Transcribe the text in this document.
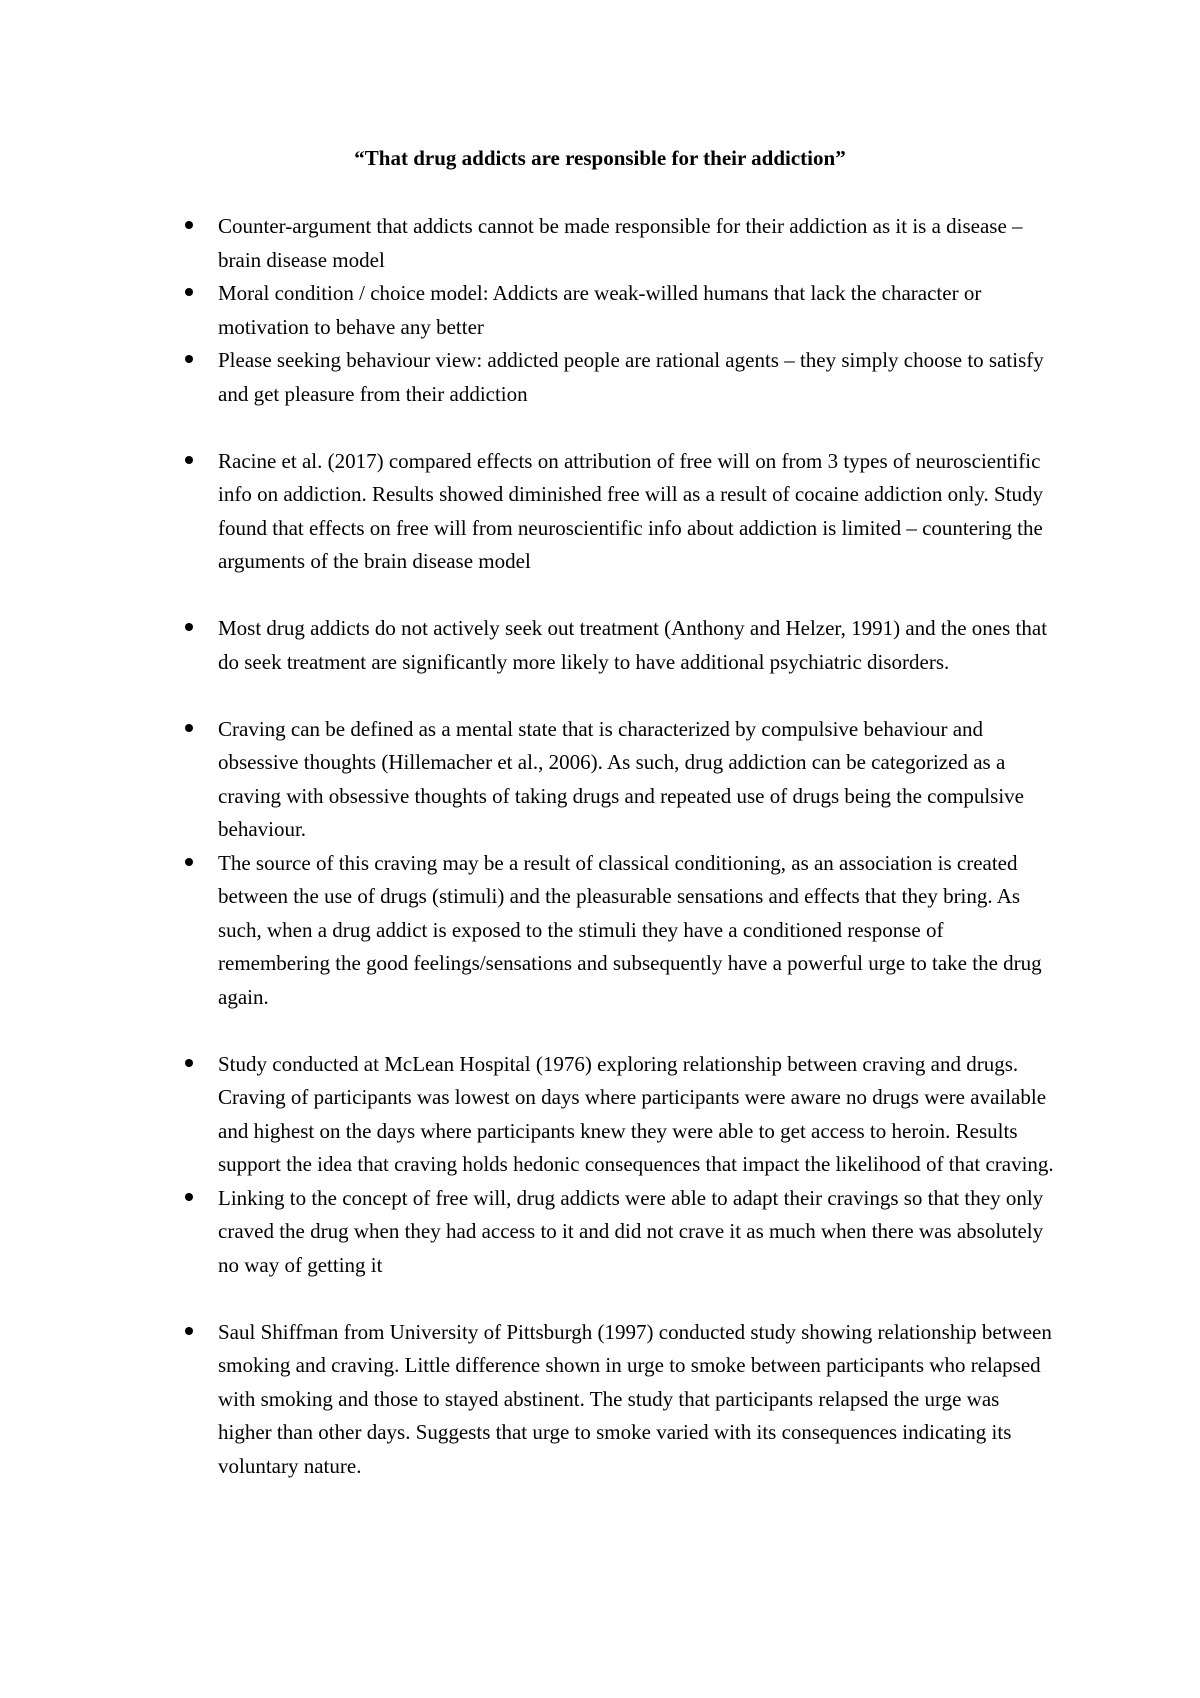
“That drug addicts are responsible for their addiction”
Counter-argument that addicts cannot be made responsible for their addiction as it is a disease – brain disease model
Moral condition / choice model: Addicts are weak-willed humans that lack the character or motivation to behave any better
Please seeking behaviour view: addicted people are rational agents – they simply choose to satisfy and get pleasure from their addiction
Racine et al. (2017) compared effects on attribution of free will on from 3 types of neuroscientific info on addiction. Results showed diminished free will as a result of cocaine addiction only. Study found that effects on free will from neuroscientific info about addiction is limited – countering the arguments of the brain disease model
Most drug addicts do not actively seek out treatment (Anthony and Helzer, 1991) and the ones that do seek treatment are significantly more likely to have additional psychiatric disorders.
Craving can be defined as a mental state that is characterized by compulsive behaviour and obsessive thoughts (Hillemacher et al., 2006). As such, drug addiction can be categorized as a craving with obsessive thoughts of taking drugs and repeated use of drugs being the compulsive behaviour.
The source of this craving may be a result of classical conditioning, as an association is created between the use of drugs (stimuli) and the pleasurable sensations and effects that they bring. As such, when a drug addict is exposed to the stimuli they have a conditioned response of remembering the good feelings/sensations and subsequently have a powerful urge to take the drug again.
Study conducted at McLean Hospital (1976) exploring relationship between craving and drugs. Craving of participants was lowest on days where participants were aware no drugs were available and highest on the days where participants knew they were able to get access to heroin. Results support the idea that craving holds hedonic consequences that impact the likelihood of that craving.
Linking to the concept of free will, drug addicts were able to adapt their cravings so that they only craved the drug when they had access to it and did not crave it as much when there was absolutely no way of getting it
Saul Shiffman from University of Pittsburgh (1997) conducted study showing relationship between smoking and craving. Little difference shown in urge to smoke between participants who relapsed with smoking and those to stayed abstinent. The study that participants relapsed the urge was higher than other days. Suggests that urge to smoke varied with its consequences indicating its voluntary nature.
